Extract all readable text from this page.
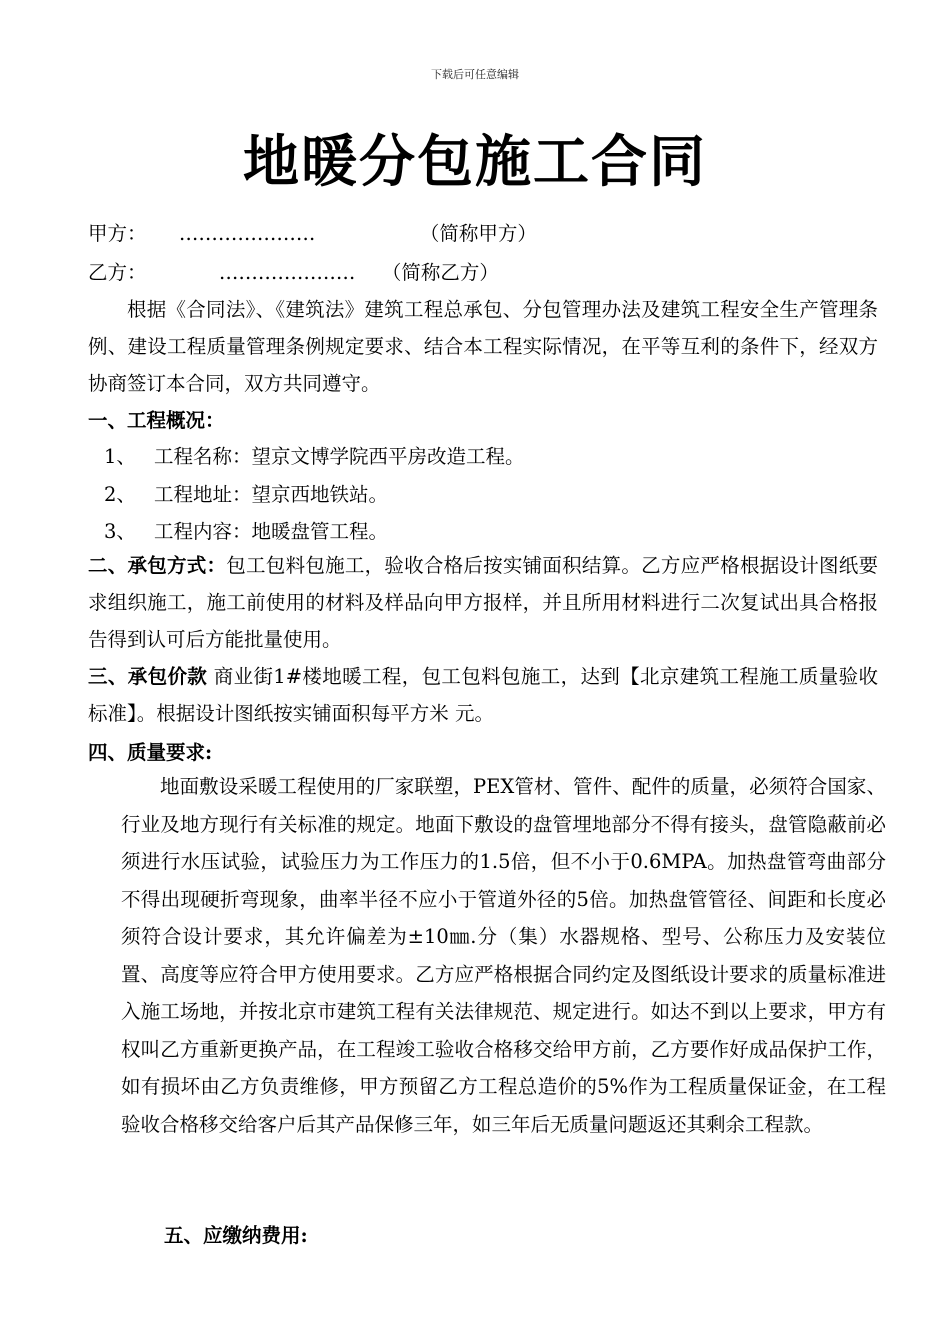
下载后可任意编辑
地暖分包施工合同
甲方： …………………	（简称甲方）
乙方：	………………… （简称乙方）
根据《合同法》、《建筑法》建筑工程总承包、分包管理办法及建筑工程安全生产管理条例、建设工程质量管理条例规定要求、结合本工程实际情况，在平等互利的条件下，经双方协商签订本合同，双方共同遵守。
一、工程概况：
1、 工程名称：望京文博学院西平房改造工程。
2、 工程地址：望京西地铁站。
3、 工程内容：地暖盘管工程。
二、承包方式：包工包料包施工，验收合格后按实铺面积结算。乙方应严格根据设计图纸要求组织施工，施工前使用的材料及样品向甲方报样，并且所用材料进行二次复试出具合格报告得到认可后方能批量使用。
三、承包价款 商业街1#楼地暖工程，包工包料包施工，达到【北京建筑工程施工质量验收标准】。根据设计图纸按实铺面积每平方米 元。
四、质量要求:
地面敷设采暖工程使用的厂家联塑，PEX管材、管件、配件的质量，必须符合国家、行业及地方现行有关标准的规定。地面下敷设的盘管埋地部分不得有接头，盘管隐蔽前必须进行水压试验，试验压力为工作压力的1.5倍，但不小于0.6MPA。加热盘管弯曲部分不得出现硬折弯现象，曲率半径不应小于管道外径的5倍。加热盘管管径、间距和长度必须符合设计要求，其允许偏差为±10㎜.分（集）水器规格、型号、公称压力及安装位置、高度等应符合甲方使用要求。乙方应严格根据合同约定及图纸设计要求的质量标准进入施工场地，并按北京市建筑工程有关法律规范、规定进行。如达不到以上要求，甲方有权叫乙方重新更换产品，在工程竣工验收合格移交给甲方前，乙方要作好成品保护工作，如有损坏由乙方负责维修，甲方预留乙方工程总造价的5%作为工程质量保证金，在工程验收合格移交给客户后其产品保修三年，如三年后无质量问题返还其剩余工程款。
五、应缴纳费用:
